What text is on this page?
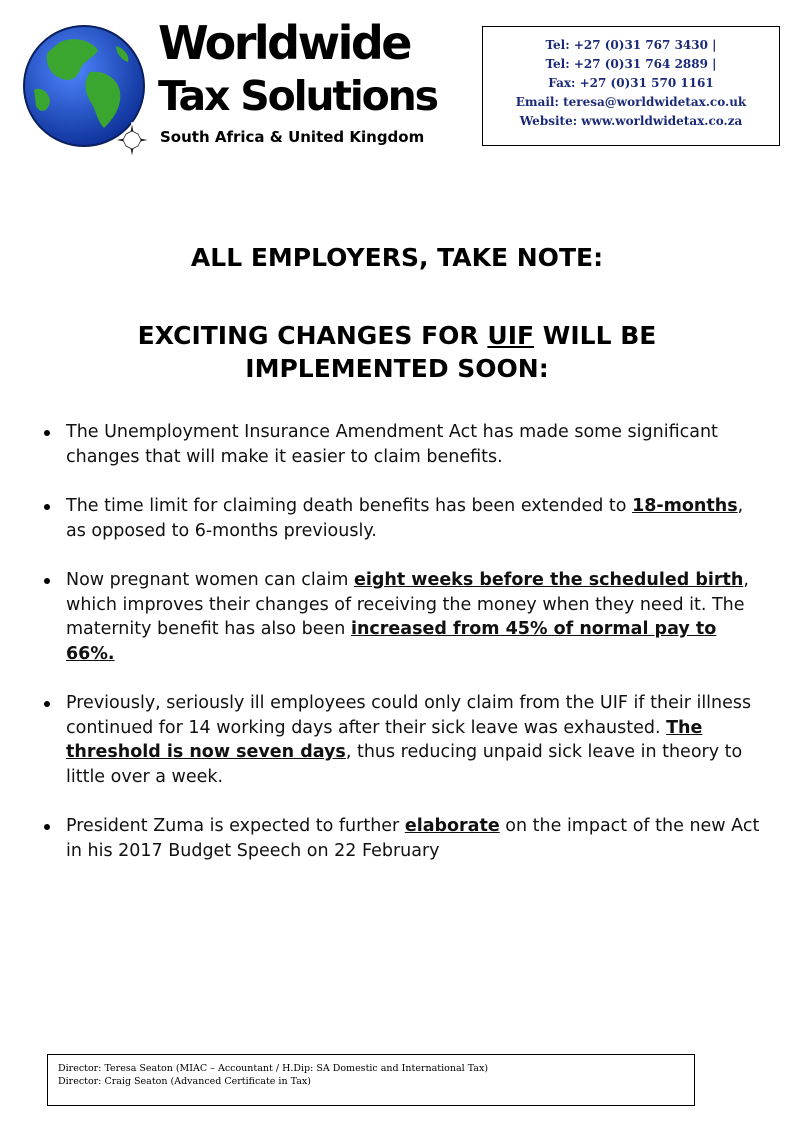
Worldwide
Tax Solutions
South Africa & United Kingdom
Tel: +27 (0)31 767 3430 |
Tel: +27 (0)31 764 2889 |
Fax: +27 (0)31 570 1161
Email: teresa@worldwidetax.co.uk
Website: www.worldwidetax.co.za
ALL EMPLOYERS, TAKE NOTE:
EXCITING CHANGES FOR UIF WILL BE
IMPLEMENTED SOON:
The Unemployment Insurance Amendment Act has made some significant changes that will make it easier to claim benefits.
The time limit for claiming death benefits has been extended to 18-months, as opposed to 6-months previously.
Now pregnant women can claim eight weeks before the scheduled birth, which improves their changes of receiving the money when they need it. The maternity benefit has also been increased from 45% of normal pay to 66%.
Previously, seriously ill employees could only claim from the UIF if their illness continued for 14 working days after their sick leave was exhausted. The threshold is now seven days, thus reducing unpaid sick leave in theory to little over a week.
President Zuma is expected to further elaborate on the impact of the new Act in his 2017 Budget Speech on 22 February
Director: Teresa Seaton (MIAC – Accountant / H.Dip: SA Domestic and International Tax)
Director: Craig Seaton (Advanced Certificate in Tax)
